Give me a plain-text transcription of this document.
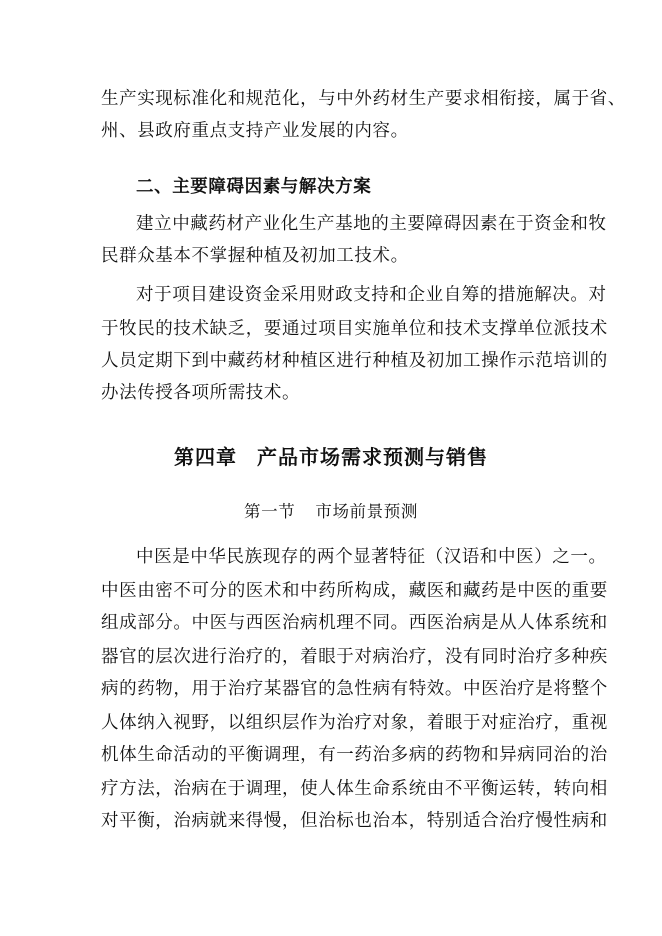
生产实现标准化和规范化，与中外药材生产要求相衔接，属于省、
州、县政府重点支持产业发展的内容。
二、主要障碍因素与解决方案
建立中藏药材产业化生产基地的主要障碍因素在于资金和牧
民群众基本不掌握种植及初加工技术。
对于项目建设资金采用财政支持和企业自筹的措施解决。对
于牧民的技术缺乏，要通过项目实施单位和技术支撑单位派技术
人员定期下到中藏药材种植区进行种植及初加工操作示范培训的
办法传授各项所需技术。
第四章 产品市场需求预测与销售
第一节 市场前景预测
中医是中华民族现存的两个显著特征（汉语和中医）之一。
中医由密不可分的医术和中药所构成，藏医和藏药是中医的重要
组成部分。中医与西医治病机理不同。西医治病是从人体系统和
器官的层次进行治疗的，着眼于对病治疗，没有同时治疗多种疾
病的药物，用于治疗某器官的急性病有特效。中医治疗是将整个
人体纳入视野，以组织层作为治疗对象，着眼于对症治疗，重视
机体生命活动的平衡调理，有一药治多病的药物和异病同治的治
疗方法，治病在于调理，使人体生命系统由不平衡运转，转向相
对平衡，治病就来得慢，但治标也治本，特别适合治疗慢性病和
